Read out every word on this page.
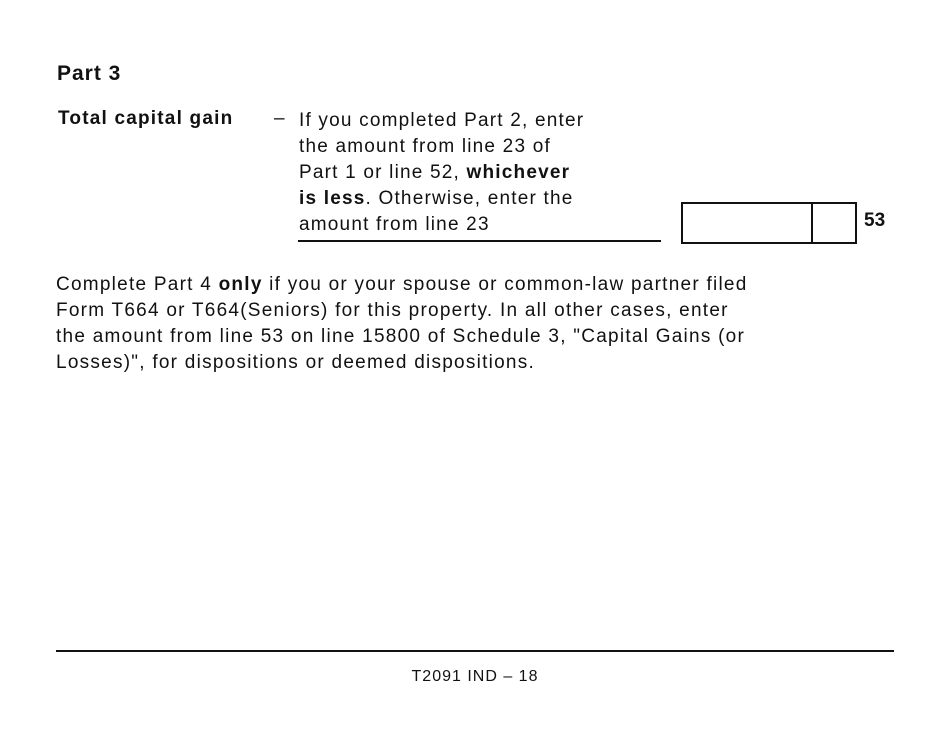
Part 3
Total capital gain – If you completed Part 2, enter
the amount from line 23 of
Part 1 or line 52, whichever
is less. Otherwise, enter the
amount from line 23	53

Complete Part 4 only if you or your spouse or common-law partner filed
Form T664 or T664(Seniors) for this property. In all other cases, enter
the amount from line 53 on line 15800 of Schedule 3, "Capital Gains (or
Losses)", for dispositions or deemed dispositions.

T2091 IND – 18
